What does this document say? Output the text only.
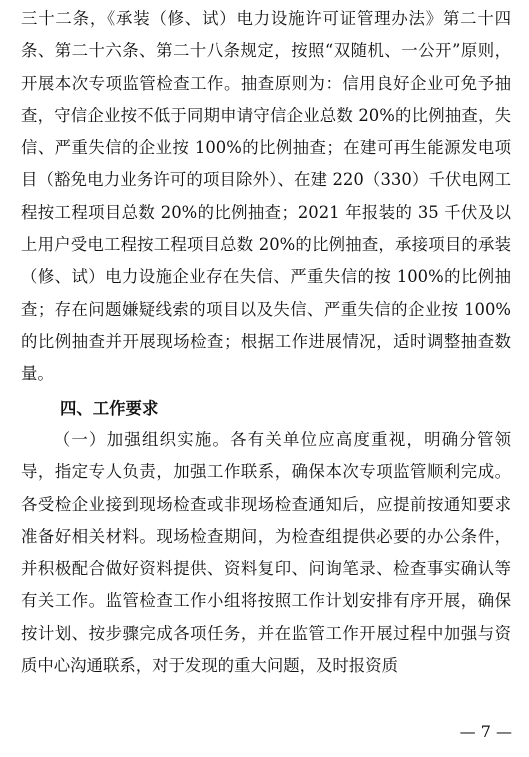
三十二条，《承装（修、试）电力设施许可证管理办法》第二十四条、第二十六条、第二十八条规定，按照“双随机、一公开”原则，开展本次专项监管检查工作。抽查原则为：信用良好企业可免予抽查，守信企业按不低于同期申请守信企业总数 20%的比例抽查，失信、严重失信的企业按 100%的比例抽查；在建可再生能源发电项目（豁免电力业务许可的项目除外）、在建 220（330）千伏电网工程按工程项目总数 20%的比例抽查；2021 年报装的 35 千伏及以上用户受电工程按工程项目总数 20%的比例抽查，承接项目的承装（修、试）电力设施企业存在失信、严重失信的按 100%的比例抽查；存在问题嫌疑线索的项目以及失信、严重失信的企业按 100%的比例抽查并开展现场检查；根据工作进展情况，适时调整抽查数量。

四、工作要求

（一）加强组织实施。各有关单位应高度重视，明确分管领导，指定专人负责，加强工作联系，确保本次专项监管顺利完成。各受检企业接到现场检查或非现场检查通知后，应提前按通知要求准备好相关材料。现场检查期间，为检查组提供必要的办公条件，并积极配合做好资料提供、资料复印、问询笔录、检查事实确认等有关工作。监管检查工作小组将按照工作计划安排有序开展，确保按计划、按步骤完成各项任务，并在监管工作开展过程中加强与资质中心沟通联系，对于发现的重大问题，及时报资质

— 7 —
